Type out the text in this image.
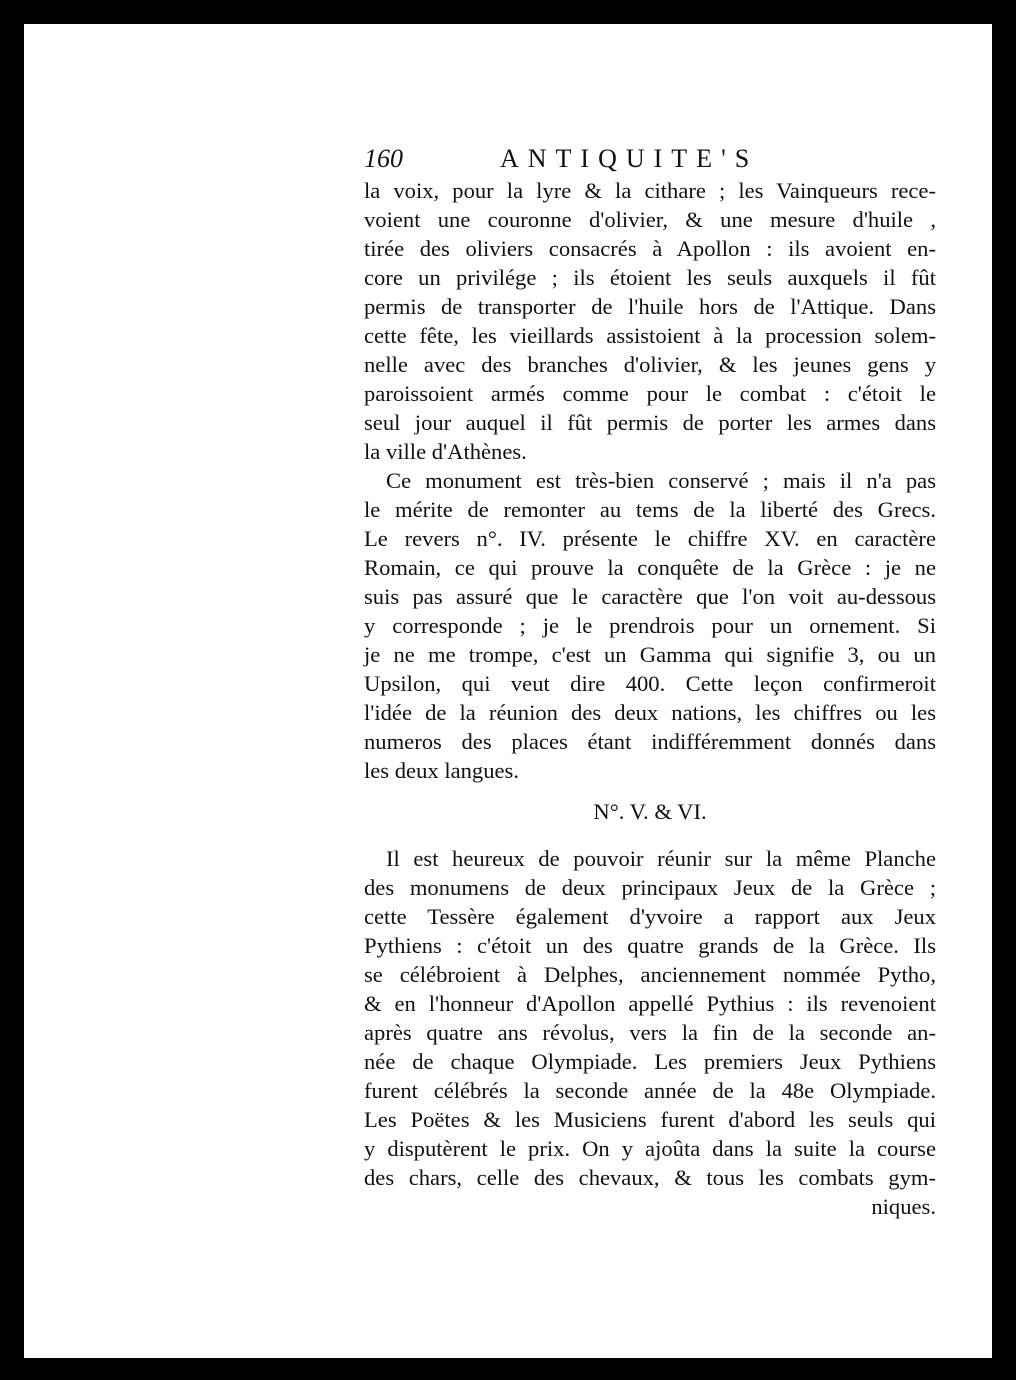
160	ANTIQUITE'S
la voix, pour la lyre & la cithare ; les Vainqueurs rece-
voient une couronne d'olivier, & une mesure d'huile ,
tirée des oliviers consacrés à Apollon : ils avoient en-
core un privilége ; ils étoient les seuls auxquels il fût
permis de transporter de l'huile hors de l'Attique. Dans
cette fête, les vieillards assistoient à la procession solem-
nelle avec des branches d'olivier, & les jeunes gens y
paroissoient armés comme pour le combat : c'étoit le
seul jour auquel il fût permis de porter les armes dans
la ville d'Athènes.
Ce monument est très-bien conservé ; mais il n'a pas
le mérite de remonter au tems de la liberté des Grecs.
Le revers n°. IV. présente le chiffre XV. en caractère
Romain, ce qui prouve la conquête de la Grèce : je ne
suis pas assuré que le caractère que l'on voit au-dessous
y corresponde ; je le prendrois pour un ornement. Si
je ne me trompe, c'est un Gamma qui signifie 3, ou un
Upsilon, qui veut dire 400. Cette leçon confirmeroit
l'idée de la réunion des deux nations, les chiffres ou les
numeros des places étant indifféremment donnés dans
les deux langues.
N°. V. & VI.
Il est heureux de pouvoir réunir sur la même Planche
des monumens de deux principaux Jeux de la Grèce ;
cette Tessère également d'yvoire a rapport aux Jeux
Pythiens : c'étoit un des quatre grands de la Grèce. Ils
se célébroient à Delphes, anciennement nommée Pytho,
& en l'honneur d'Apollon appellé Pythius : ils revenoient
après quatre ans révolus, vers la fin de la seconde an-
née de chaque Olympiade. Les premiers Jeux Pythiens
furent célébrés la seconde année de la 48e Olympiade.
Les Poëtes & les Musiciens furent d'abord les seuls qui
y disputèrent le prix. On y ajoûta dans la suite la course
des chars, celle des chevaux, & tous les combats gym-
niques.
